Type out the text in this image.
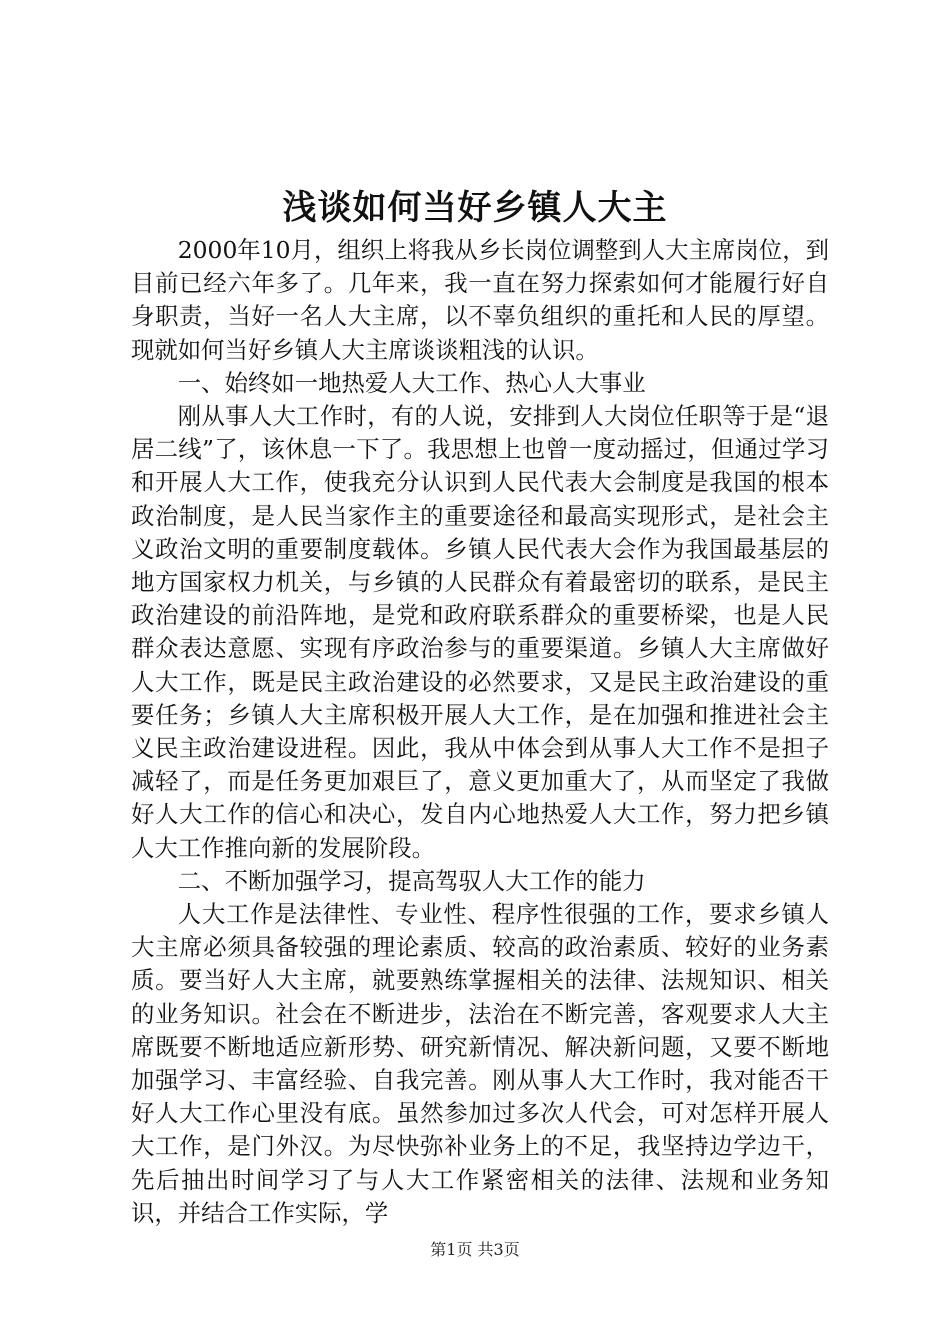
浅谈如何当好乡镇人大主

2000年10月，组织上将我从乡长岗位调整到人大主席岗位，到目前已经六年多了。几年来，我一直在努力探索如何才能履行好自身职责，当好一名人大主席，以不辜负组织的重托和人民的厚望。现就如何当好乡镇人大主席谈谈粗浅的认识。

一、始终如一地热爱人大工作、热心人大事业

刚从事人大工作时，有的人说，安排到人大岗位任职等于是“退居二线”了，该休息一下了。我思想上也曾一度动摇过，但通过学习和开展人大工作，使我充分认识到人民代表大会制度是我国的根本政治制度，是人民当家作主的重要途径和最高实现形式，是社会主义政治文明的重要制度载体。乡镇人民代表大会作为我国最基层的地方国家权力机关，与乡镇的人民群众有着最密切的联系，是民主政治建设的前沿阵地，是党和政府联系群众的重要桥梁，也是人民群众表达意愿、实现有序政治参与的重要渠道。乡镇人大主席做好人大工作，既是民主政治建设的必然要求，又是民主政治建设的重要任务；乡镇人大主席积极开展人大工作，是在加强和推进社会主义民主政治建设进程。因此，我从中体会到从事人大工作不是担子减轻了，而是任务更加艰巨了，意义更加重大了，从而坚定了我做好人大工作的信心和决心，发自内心地热爱人大工作，努力把乡镇人大工作推向新的发展阶段。

二、不断加强学习，提高驾驭人大工作的能力

人大工作是法律性、专业性、程序性很强的工作，要求乡镇人大主席必须具备较强的理论素质、较高的政治素质、较好的业务素质。要当好人大主席，就要熟练掌握相关的法律、法规知识、相关的业务知识。社会在不断进步，法治在不断完善，客观要求人大主席既要不断地适应新形势、研究新情况、解决新问题，又要不断地加强学习、丰富经验、自我完善。刚从事人大工作时，我对能否干好人大工作心里没有底。虽然参加过多次人代会，可对怎样开展人大工作，是门外汉。为尽快弥补业务上的不足，我坚持边学边干，先后抽出时间学习了与人大工作紧密相关的法律、法规和业务知识，并结合工作实际，学

第1页 共3页
